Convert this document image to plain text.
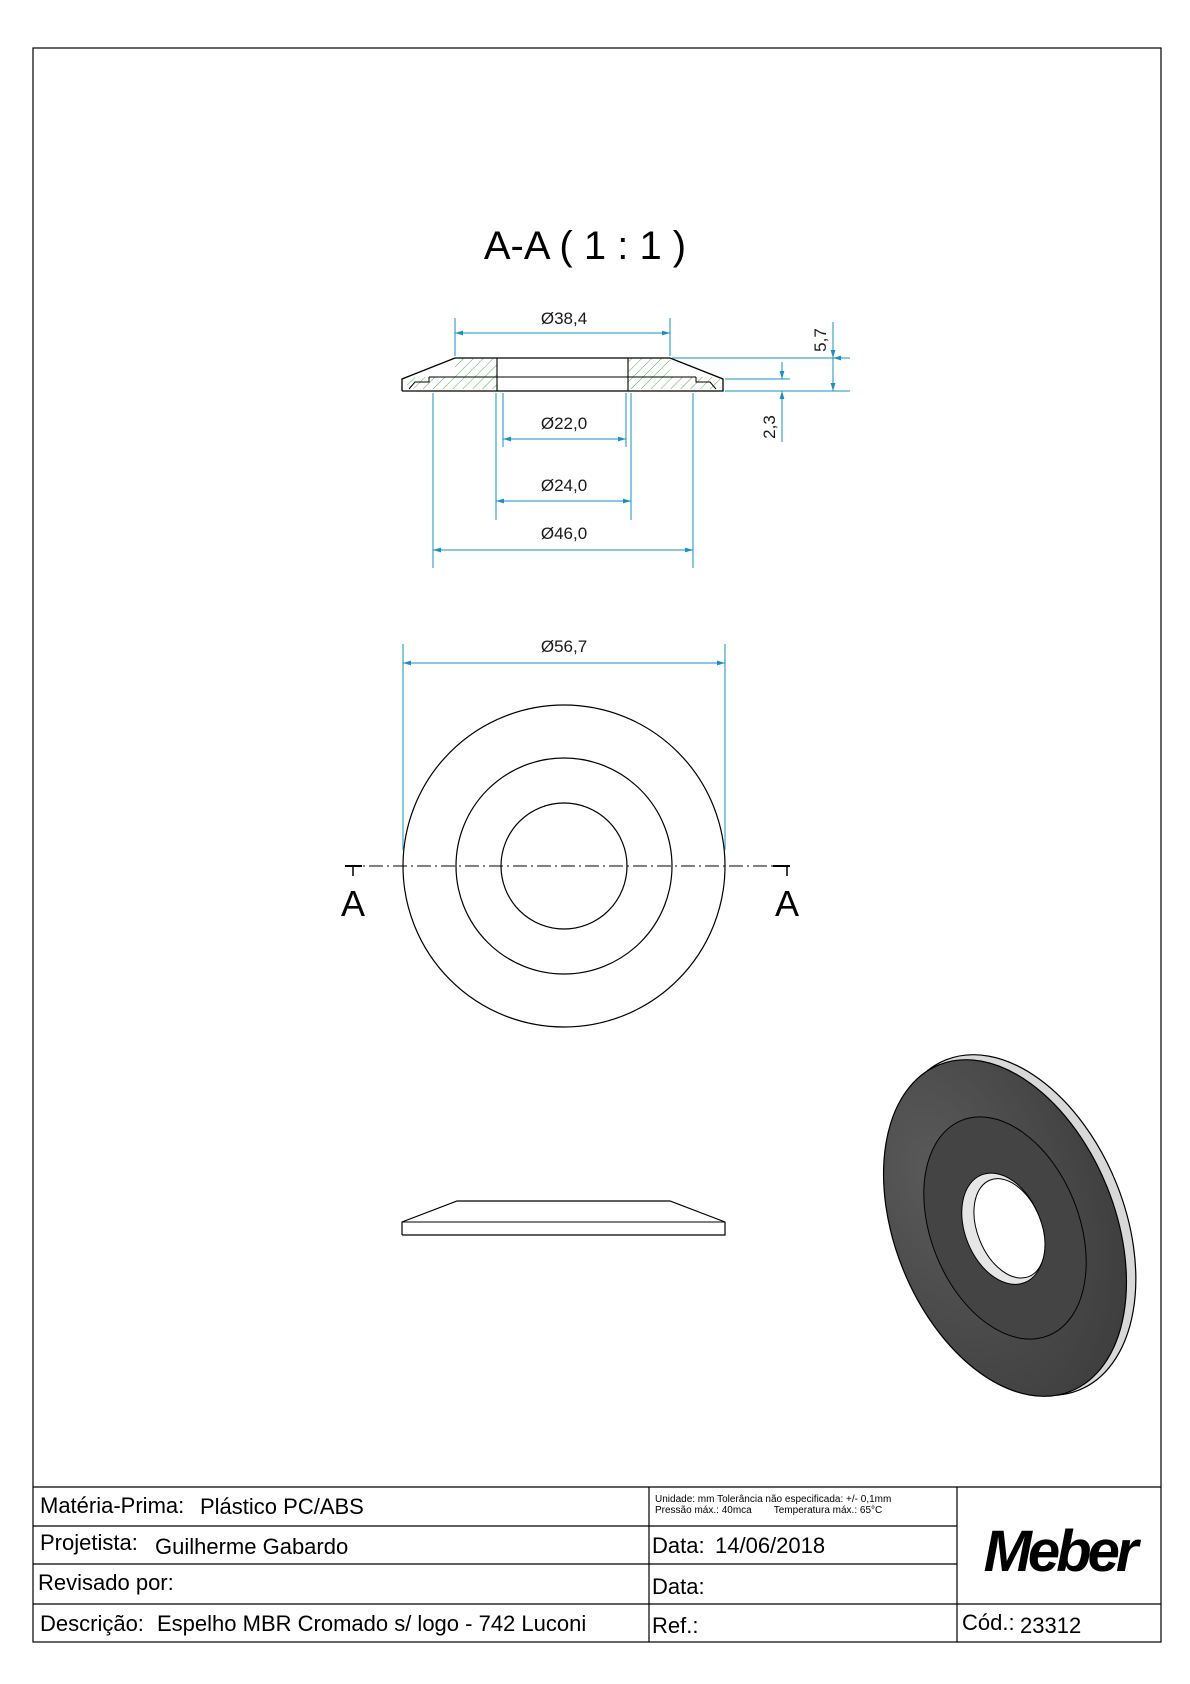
A-A ( 1 : 1 )
Ø38,4
Ø22,0
Ø24,0
Ø46,0
5,7
2,3
Ø56,7
A	A
Matéria-Prima: Plástico PC/ABS
Projetista: Guilherme Gabardo
Revisado por:
Descrição: Espelho MBR Cromado s/ logo - 742 Luconi
Unidade: mm Tolerância não especificada: +/- 0,1mm
Pressão máx.: 40mca        Temperatura máx.: 65°C
Data: 14/06/2018
Data:
Ref.:	Cód.: 23312
Meber
